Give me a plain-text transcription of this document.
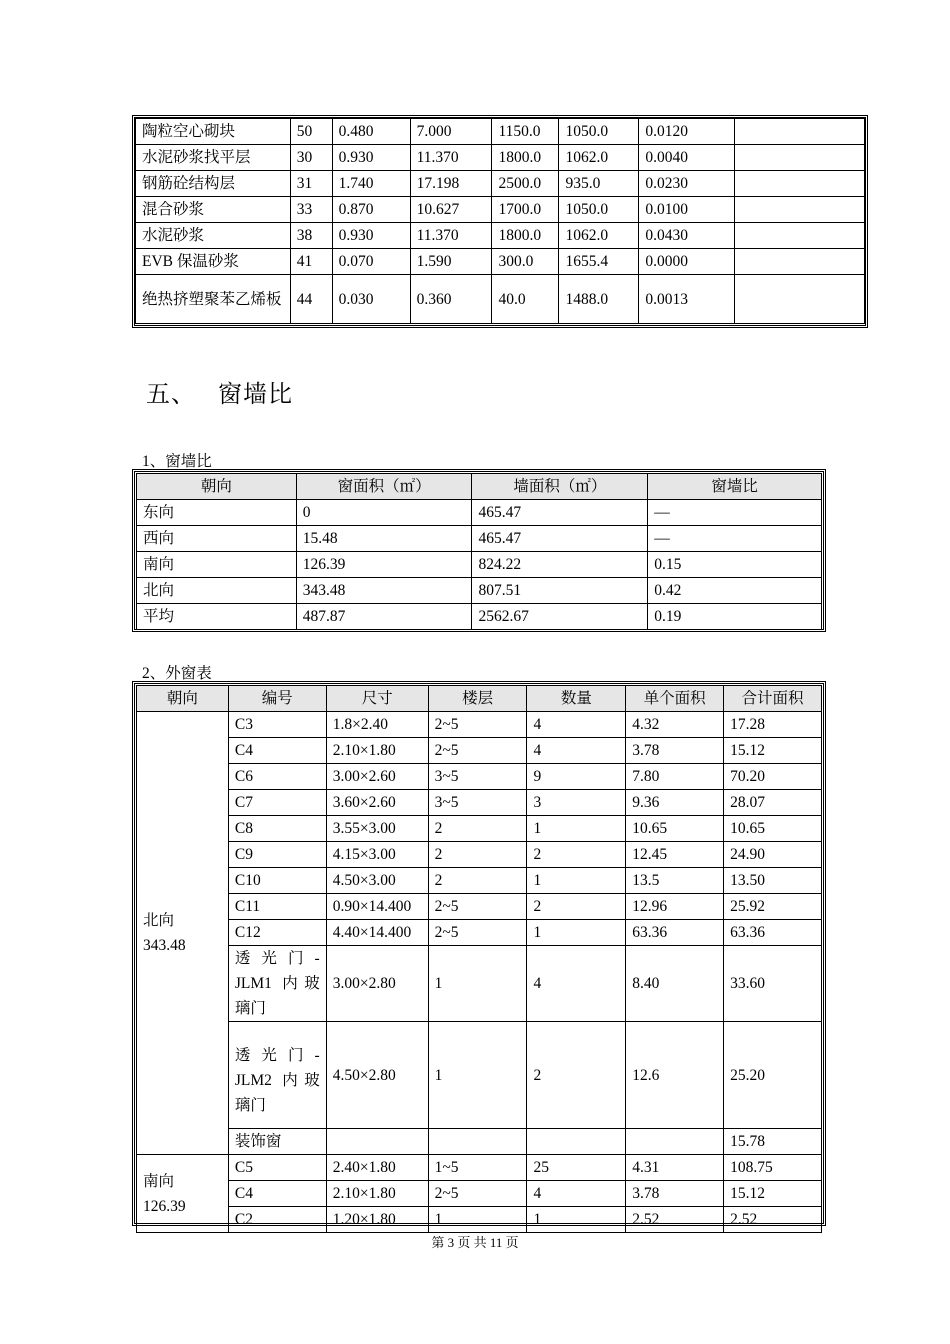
陶粒空心砌块	50	0.480	7.000	1150.0	1050.0	0.0120	
水泥砂浆找平层	30	0.930	11.370	1800.0	1062.0	0.0040	
钢筋砼结构层	31	1.740	17.198	2500.0	935.0	0.0230	
混合砂浆	33	0.870	10.627	1700.0	1050.0	0.0100	
水泥砂浆	38	0.930	11.370	1800.0	1062.0	0.0430	
EVB 保温砂浆	41	0.070	1.590	300.0	1655.4	0.0000	
绝热挤塑聚苯乙烯板	44	0.030	0.360	40.0	1488.0	0.0013	
五、 窗墙比
1、窗墙比
朝向	窗面积（㎡）	墙面积（㎡）	窗墙比
东向	0	465.47	—
西向	15.48	465.47	—
南向	126.39	824.22	0.15
北向	343.48	807.51	0.42
平均	487.87	2562.67	0.19
2、外窗表
朝向	编号	尺寸	楼层	数量	单个面积	合计面积

北向
343.48	C3	1.8×2.40	2~5	4	4.32	17.28
	C4	2.10×1.80	2~5	4	3.78	15.12
	C6	3.00×2.60	3~5	9	7.80	70.20
	C7	3.60×2.60	3~5	3	9.36	28.07
	C8	3.55×3.00	2	1	10.65	10.65
	C9	4.15×3.00	2	2	12.45	24.90
	C10	4.50×3.00	2	1	13.5	13.50
	C11	0.90×14.400	2~5	2	12.96	25.92
	C12	4.40×14.400	2~5	1	63.36	63.36
	透 光 门 -JLM1 内玻璃门	3.00×2.80	1	4	8.40	33.60
	透 光 门 -JLM2 内玻璃门	4.50×2.80	1	2	12.6	25.20
	装饰窗					15.78

南向
126.39	C5	2.40×1.80	1~5	25	4.31	108.75
	C4	2.10×1.80	2~5	4	3.78	15.12
	C2	1.20×1.80	1	1	2.52	2.52
第 3 页 共 11 页
